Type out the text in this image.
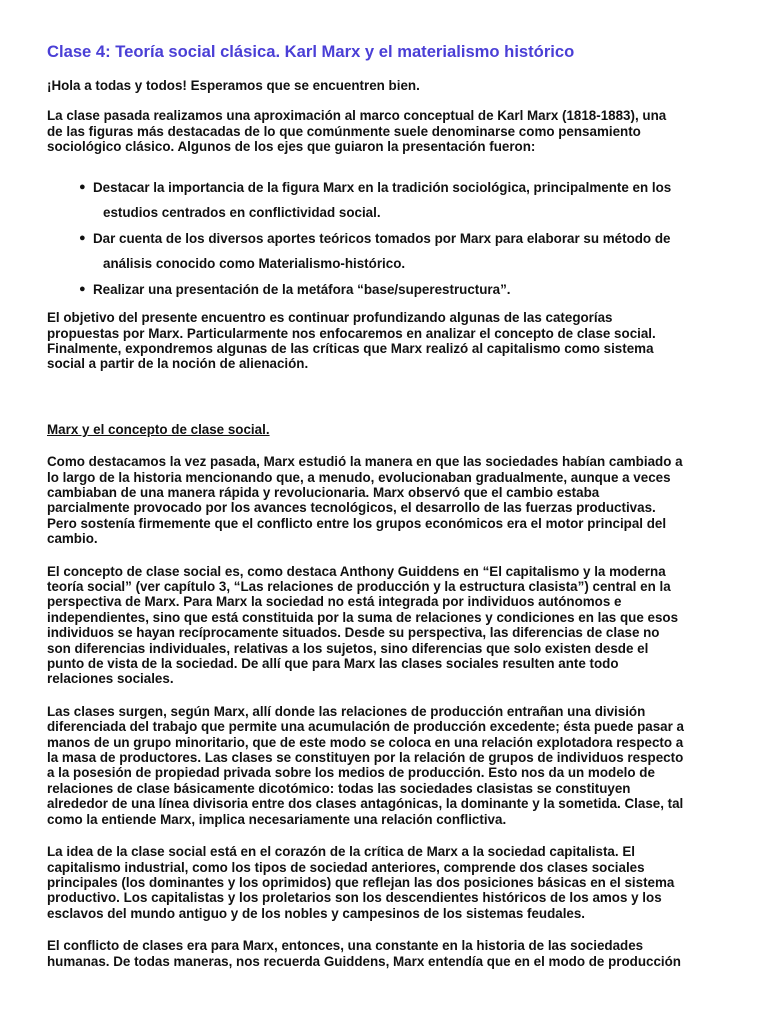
Clase 4: Teoría social clásica. Karl Marx y el materialismo histórico
¡Hola a todas y todos! Esperamos que se encuentren bien.
La clase pasada realizamos una aproximación al marco conceptual de Karl Marx (1818-1883), una
de las figuras más destacadas de lo que comúnmente suele denominarse como pensamiento
sociológico clásico. Algunos de los ejes que guiaron la presentación fueron:
● Destacar la importancia de la figura Marx en la tradición sociológica, principalmente en los
estudios centrados en conflictividad social.
● Dar cuenta de los diversos aportes teóricos tomados por Marx para elaborar su método de
análisis conocido como Materialismo-histórico.
● Realizar una presentación de la metáfora “base/superestructura”.
El objetivo del presente encuentro es continuar profundizando algunas de las categorías
propuestas por Marx. Particularmente nos enfocaremos en analizar el concepto de clase social.
Finalmente, expondremos algunas de las críticas que Marx realizó al capitalismo como sistema
social a partir de la noción de alienación.
Marx y el concepto de clase social.
Como destacamos la vez pasada, Marx estudió la manera en que las sociedades habían cambiado a
lo largo de la historia mencionando que, a menudo, evolucionaban gradualmente, aunque a veces
cambiaban de una manera rápida y revolucionaria. Marx observó que el cambio estaba
parcialmente provocado por los avances tecnológicos, el desarrollo de las fuerzas productivas.
Pero sostenía firmemente que el conflicto entre los grupos económicos era el motor principal del
cambio.
El concepto de clase social es, como destaca Anthony Guiddens en “El capitalismo y la moderna
teoría social” (ver capítulo 3, “Las relaciones de producción y la estructura clasista”) central en la
perspectiva de Marx. Para Marx la sociedad no está integrada por individuos autónomos e
independientes, sino que está constituida por la suma de relaciones y condiciones en las que esos
individuos se hayan recíprocamente situados. Desde su perspectiva, las diferencias de clase no
son diferencias individuales, relativas a los sujetos, sino diferencias que solo existen desde el
punto de vista de la sociedad. De allí que para Marx las clases sociales resulten ante todo
relaciones sociales.
Las clases surgen, según Marx, allí donde las relaciones de producción entrañan una división
diferenciada del trabajo que permite una acumulación de producción excedente; ésta puede pasar a
manos de un grupo minoritario, que de este modo se coloca en una relación explotadora respecto a
la masa de productores. Las clases se constituyen por la relación de grupos de individuos respecto
a la posesión de propiedad privada sobre los medios de producción. Esto nos da un modelo de
relaciones de clase básicamente dicotómico: todas las sociedades clasistas se constituyen
alrededor de una línea divisoria entre dos clases antagónicas, la dominante y la sometida. Clase, tal
como la entiende Marx, implica necesariamente una relación conflictiva.
La idea de la clase social está en el corazón de la crítica de Marx a la sociedad capitalista. El
capitalismo industrial, como los tipos de sociedad anteriores, comprende dos clases sociales
principales (los dominantes y los oprimidos) que reflejan las dos posiciones básicas en el sistema
productivo. Los capitalistas y los proletarios son los descendientes históricos de los amos y los
esclavos del mundo antiguo y de los nobles y campesinos de los sistemas feudales.
El conflicto de clases era para Marx, entonces, una constante en la historia de las sociedades
humanas. De todas maneras, nos recuerda Guiddens, Marx entendía que en el modo de producción
